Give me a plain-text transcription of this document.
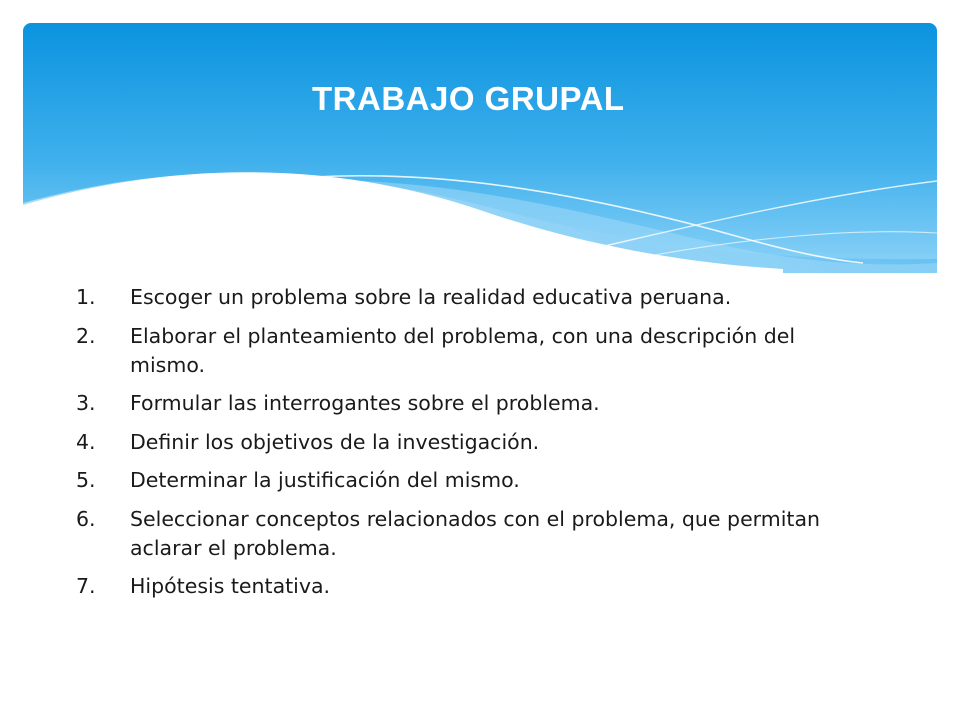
TRABAJO GRUPAL
1.	Escoger un problema sobre la realidad educativa peruana.
2.	Elaborar el planteamiento del problema, con una descripción del mismo.
3.	Formular las interrogantes sobre el problema.
4.	Definir los objetivos de la investigación.
5.	Determinar la justificación del mismo.
6.	Seleccionar conceptos relacionados con el problema, que permitan aclarar el problema.
7.	Hipótesis tentativa.
